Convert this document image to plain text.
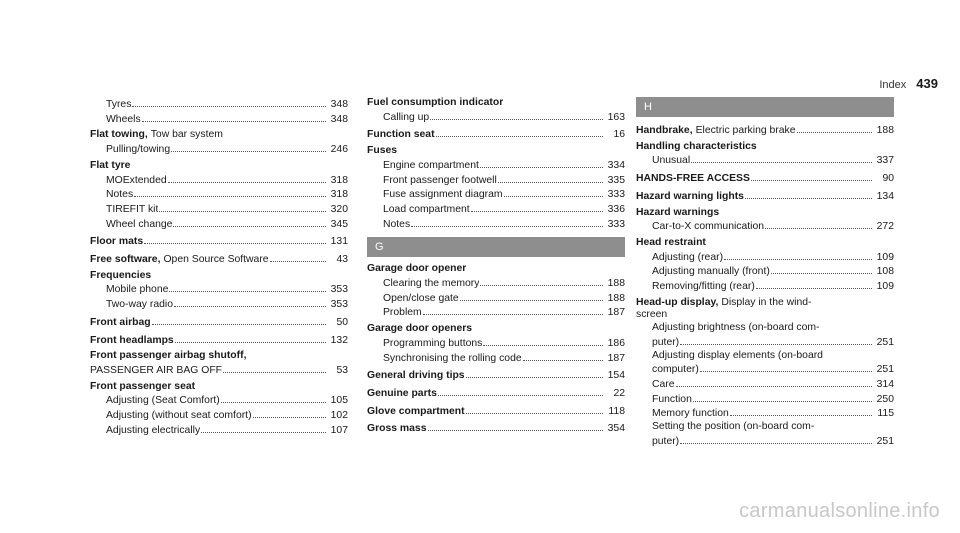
Index 439
Tyres	348
Wheels	348
Flat towing, Tow bar system
Pulling/towing	246
Flat tyre
MOExtended	318
Notes	318
TIREFIT kit	320
Wheel change	345
Floor mats	131
Free software, Open Source Software	43
Frequencies
Mobile phone	353
Two-way radio	353
Front airbag	50
Front headlamps	132
Front passenger airbag shutoff,
PASSENGER AIR BAG OFF	53
Front passenger seat
Adjusting (Seat Comfort)	105
Adjusting (without seat comfort)	102
Adjusting electrically	107
Fuel consumption indicator
Calling up	163
Function seat	16
Fuses
Engine compartment	334
Front passenger footwell	335
Fuse assignment diagram	333
Load compartment	336
Notes	333
G
Garage door opener
Clearing the memory	188
Open/close gate	188
Problem	187
Garage door openers
Programming buttons	186
Synchronising the rolling code	187
General driving tips	154
Genuine parts	22
Glove compartment	118
Gross mass	354
H
Handbrake, Electric parking brake	188
Handling characteristics
Unusual	337
HANDS-FREE ACCESS	90
Hazard warning lights	134
Hazard warnings
Car-to-X communication	272
Head restraint
Adjusting (rear)	109
Adjusting manually (front)	108
Removing/fitting (rear)	109
Head-up display, Display in the wind-
screen
Adjusting brightness (on-board com-
puter)	251
Adjusting display elements (on-board
computer)	251
Care	314
Function	250
Memory function	115
Setting the position (on-board com-
puter)	251
carmanualsonline.info
